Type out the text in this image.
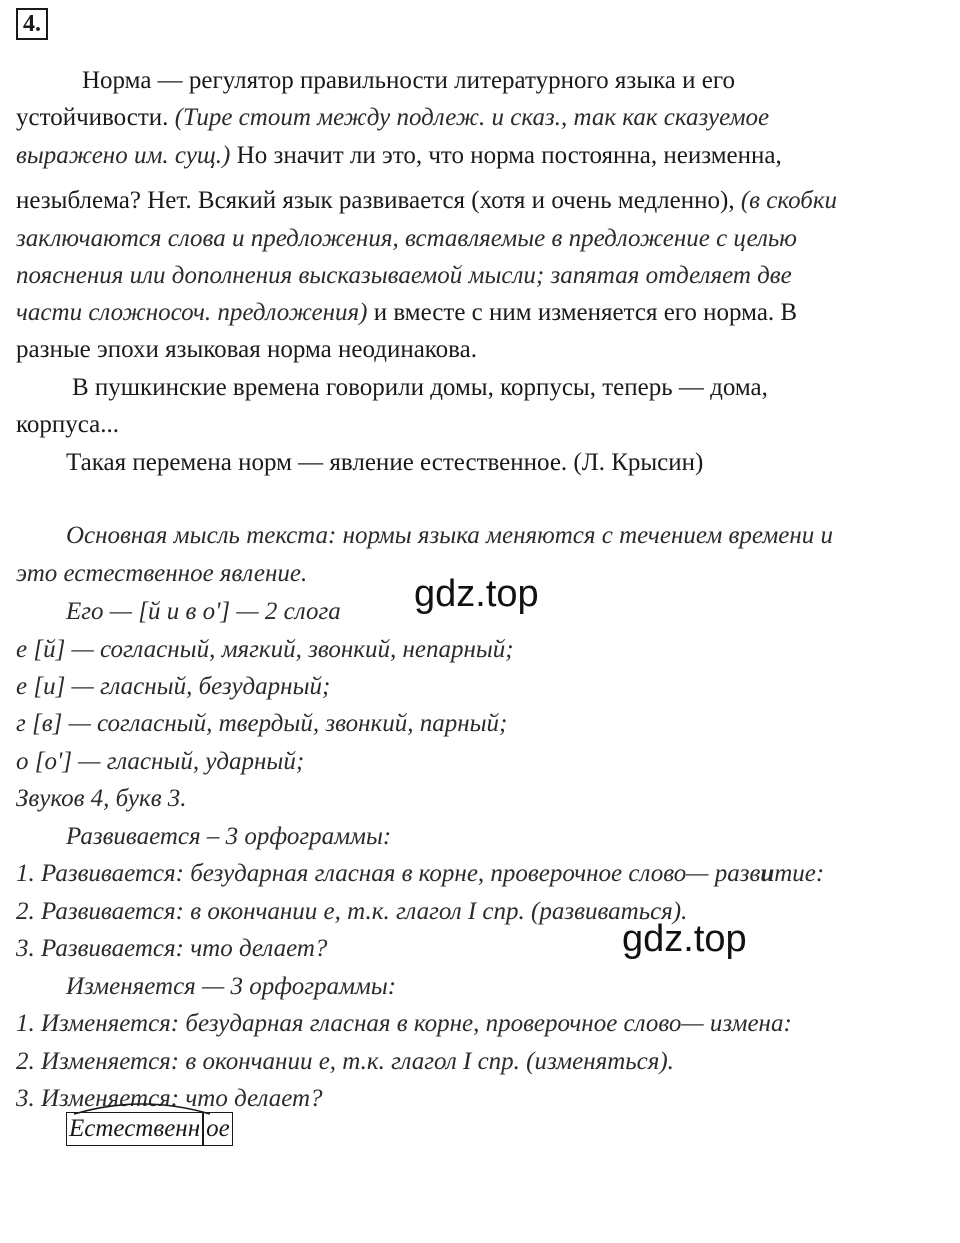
4.
Норма — регулятор правильности литературного языка и его
устойчивости. (Тире стоит между подлеж. и сказ., так как сказуемое
выражено им. сущ.) Но значит ли это, что норма постоянна, неизменна,
незыблема? Нет. Всякий язык развивается (хотя и очень медленно), (в скобки
заключаются слова и предложения, вставляемые в предложение с целью
пояснения или дополнения высказываемой мысли; запятая отделяет две
части сложносоч. предложения) и вместе с ним изменяется его норма. В
разные эпохи языковая норма неодинакова.
В пушкинские времена говорили домы, корпусы, теперь — дома,
корпуса...
Такая перемена норм — явление естественное. (Л. Крысин)
Основная мысль текста: нормы языка меняются с течением времени и
это естественное явление.	gdz.top
Его — [й и в о'] — 2 слога
е [й] — согласный, мягкий, звонкий, непарный;
е [и] — гласный, безударный;
г [в] — согласный, твердый, звонкий, парный;
о [о'] — гласный, ударный;
Звуков 4, букв 3.
Развивается – 3 орфограммы:
1. Развивается: безударная гласная в корне, проверочное слово— развитие:
2. Развивается: в окончании е, т.к. глагол I спр. (развиваться).
3. Развивается: что делает?	gdz.top
Изменяется — 3 орфограммы:
1. Изменяется: безударная гласная в корне, проверочное слово— измена:
2. Изменяется: в окончании е, т.к. глагол I спр. (изменяться).
3. Изменяется: что делает?
Естественн ое
